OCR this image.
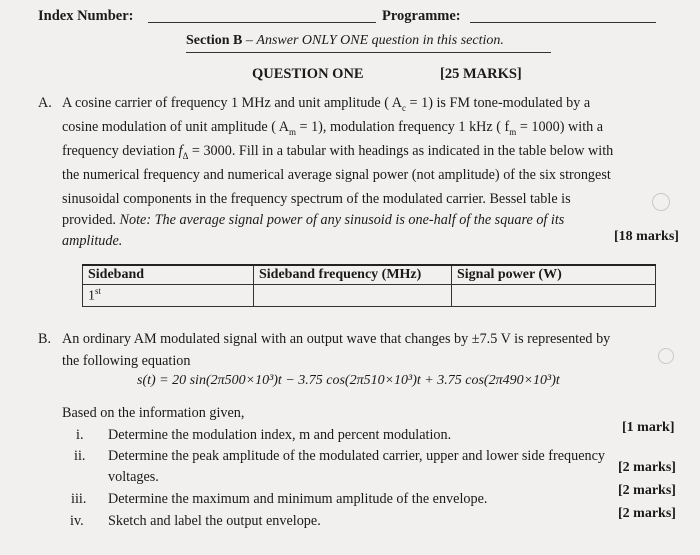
Index Number:	Programme:
Section B – Answer ONLY ONE question in this section.
QUESTION ONE	[25 MARKS]
A. A cosine carrier of frequency 1 MHz and unit amplitude ( $A_c = 1$) is FM tone-modulated by a
cosine modulation of unit amplitude ( $A_m = 1$), modulation frequency 1 kHz ( $f_m = 1000$) with a
frequency deviation $f_\Delta = 3000$. Fill in a tabular with headings as indicated in the table below with
the numerical frequency and numerical average signal power (not amplitude) of the six strongest
sinusoidal components in the frequency spectrum of the modulated carrier. Bessel table is
provided. Note: The average signal power of any sinusoid is one-half of the square of its
amplitude.	[18 marks]
Sideband	Sideband frequency (MHz)	Signal power (W)
1st		
B. An ordinary AM modulated signal with an output wave that changes by ±7.5 V is represented by
the following equation
s(t) = 20 sin(2π500×10³)t − 3.75 cos(2π510×10³)t + 3.75 cos(2π490×10³)t
Based on the information given,
i. Determine the modulation index, m and percent modulation.	[1 mark]
ii. Determine the peak amplitude of the modulated carrier, upper and lower side frequency
voltages.
[2 marks]
iii. Determine the maximum and minimum amplitude of the envelope.
[2 marks]
iv. Sketch and label the output envelope.	[2 marks]
